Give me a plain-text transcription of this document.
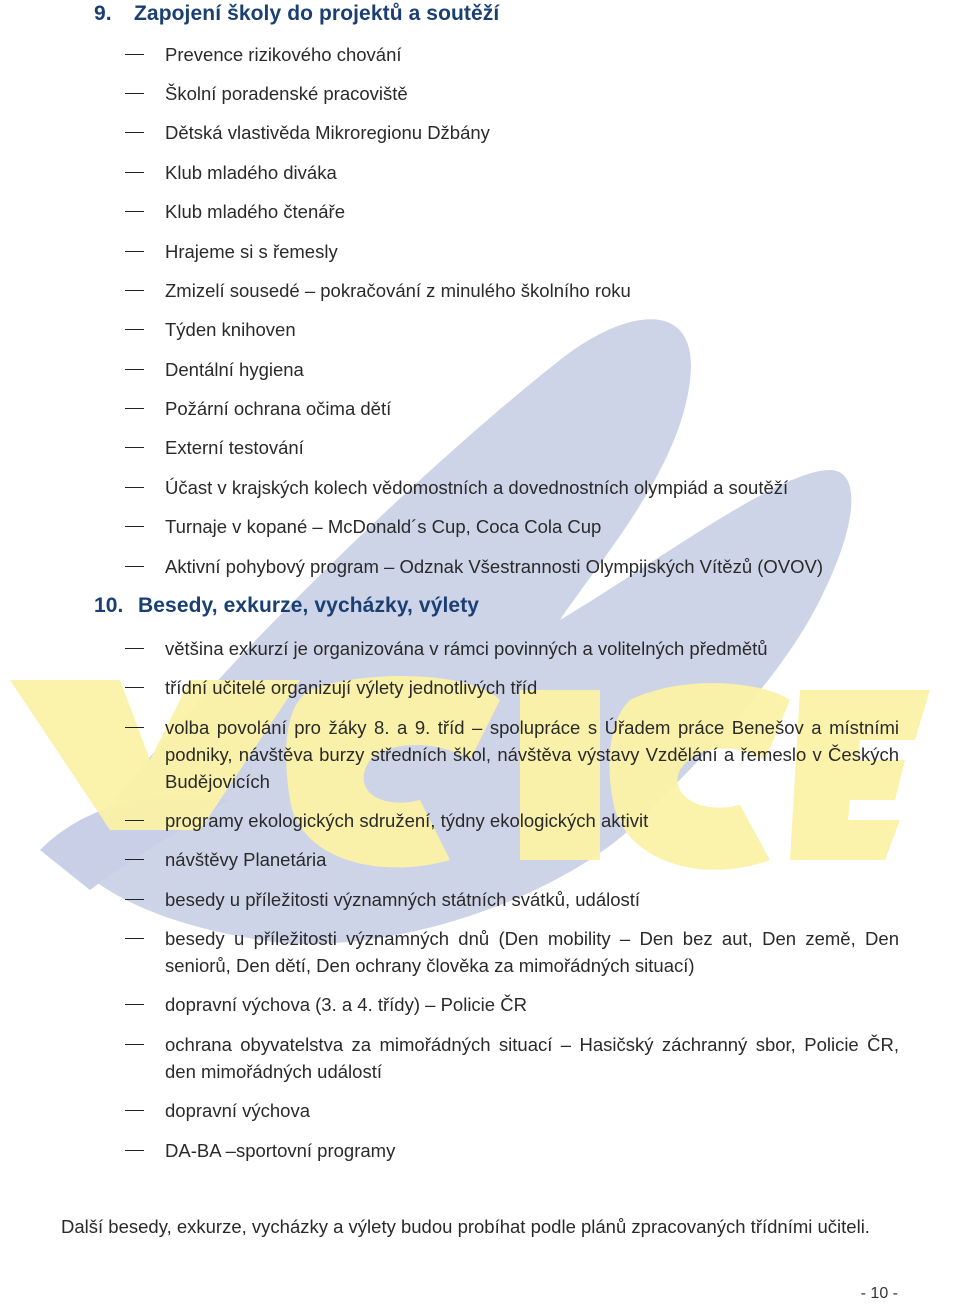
9. Zapojení školy do projektů a soutěží
Prevence rizikového chování
Školní poradenské pracoviště
Dětská vlastivěda Mikroregionu Džbány
Klub mladého diváka
Klub mladého čtenáře
Hrajeme si s řemesly
Zmizelí sousedé – pokračování z minulého školního roku
Týden knihoven
Dentální hygiena
Požární ochrana očima dětí
Externí testování
Účast v krajských kolech vědomostních a dovednostních olympiád a soutěží
Turnaje v kopané – McDonald´s Cup, Coca Cola Cup
Aktivní pohybový program – Odznak Všestrannosti Olympijských Vítězů (OVOV)
10. Besedy, exkurze, vycházky, výlety
většina exkurzí je organizována v rámci povinných a volitelných předmětů
třídní učitelé organizují výlety jednotlivých tříd
volba povolání pro žáky 8. a 9. tříd – spolupráce s Úřadem práce Benešov a místními podniky, návštěva burzy středních škol, návštěva výstavy Vzdělání a řemeslo v Českých Budějovicích
programy ekologických sdružení, týdny ekologických aktivit
návštěvy Planetária
besedy u příležitosti významných státních svátků, událostí
besedy u příležitosti významných dnů (Den mobility – Den bez aut, Den země, Den seniorů, Den dětí, Den ochrany člověka za mimořádných situací)
dopravní výchova (3. a 4. třídy) – Policie ČR
ochrana obyvatelstva za mimořádných situací – Hasičský záchranný sbor, Policie ČR, den mimořádných událostí
dopravní výchova
DA-BA –sportovní programy

Další besedy, exkurze, vycházky a výlety budou probíhat podle plánů zpracovaných třídními učiteli.

- 10 -
